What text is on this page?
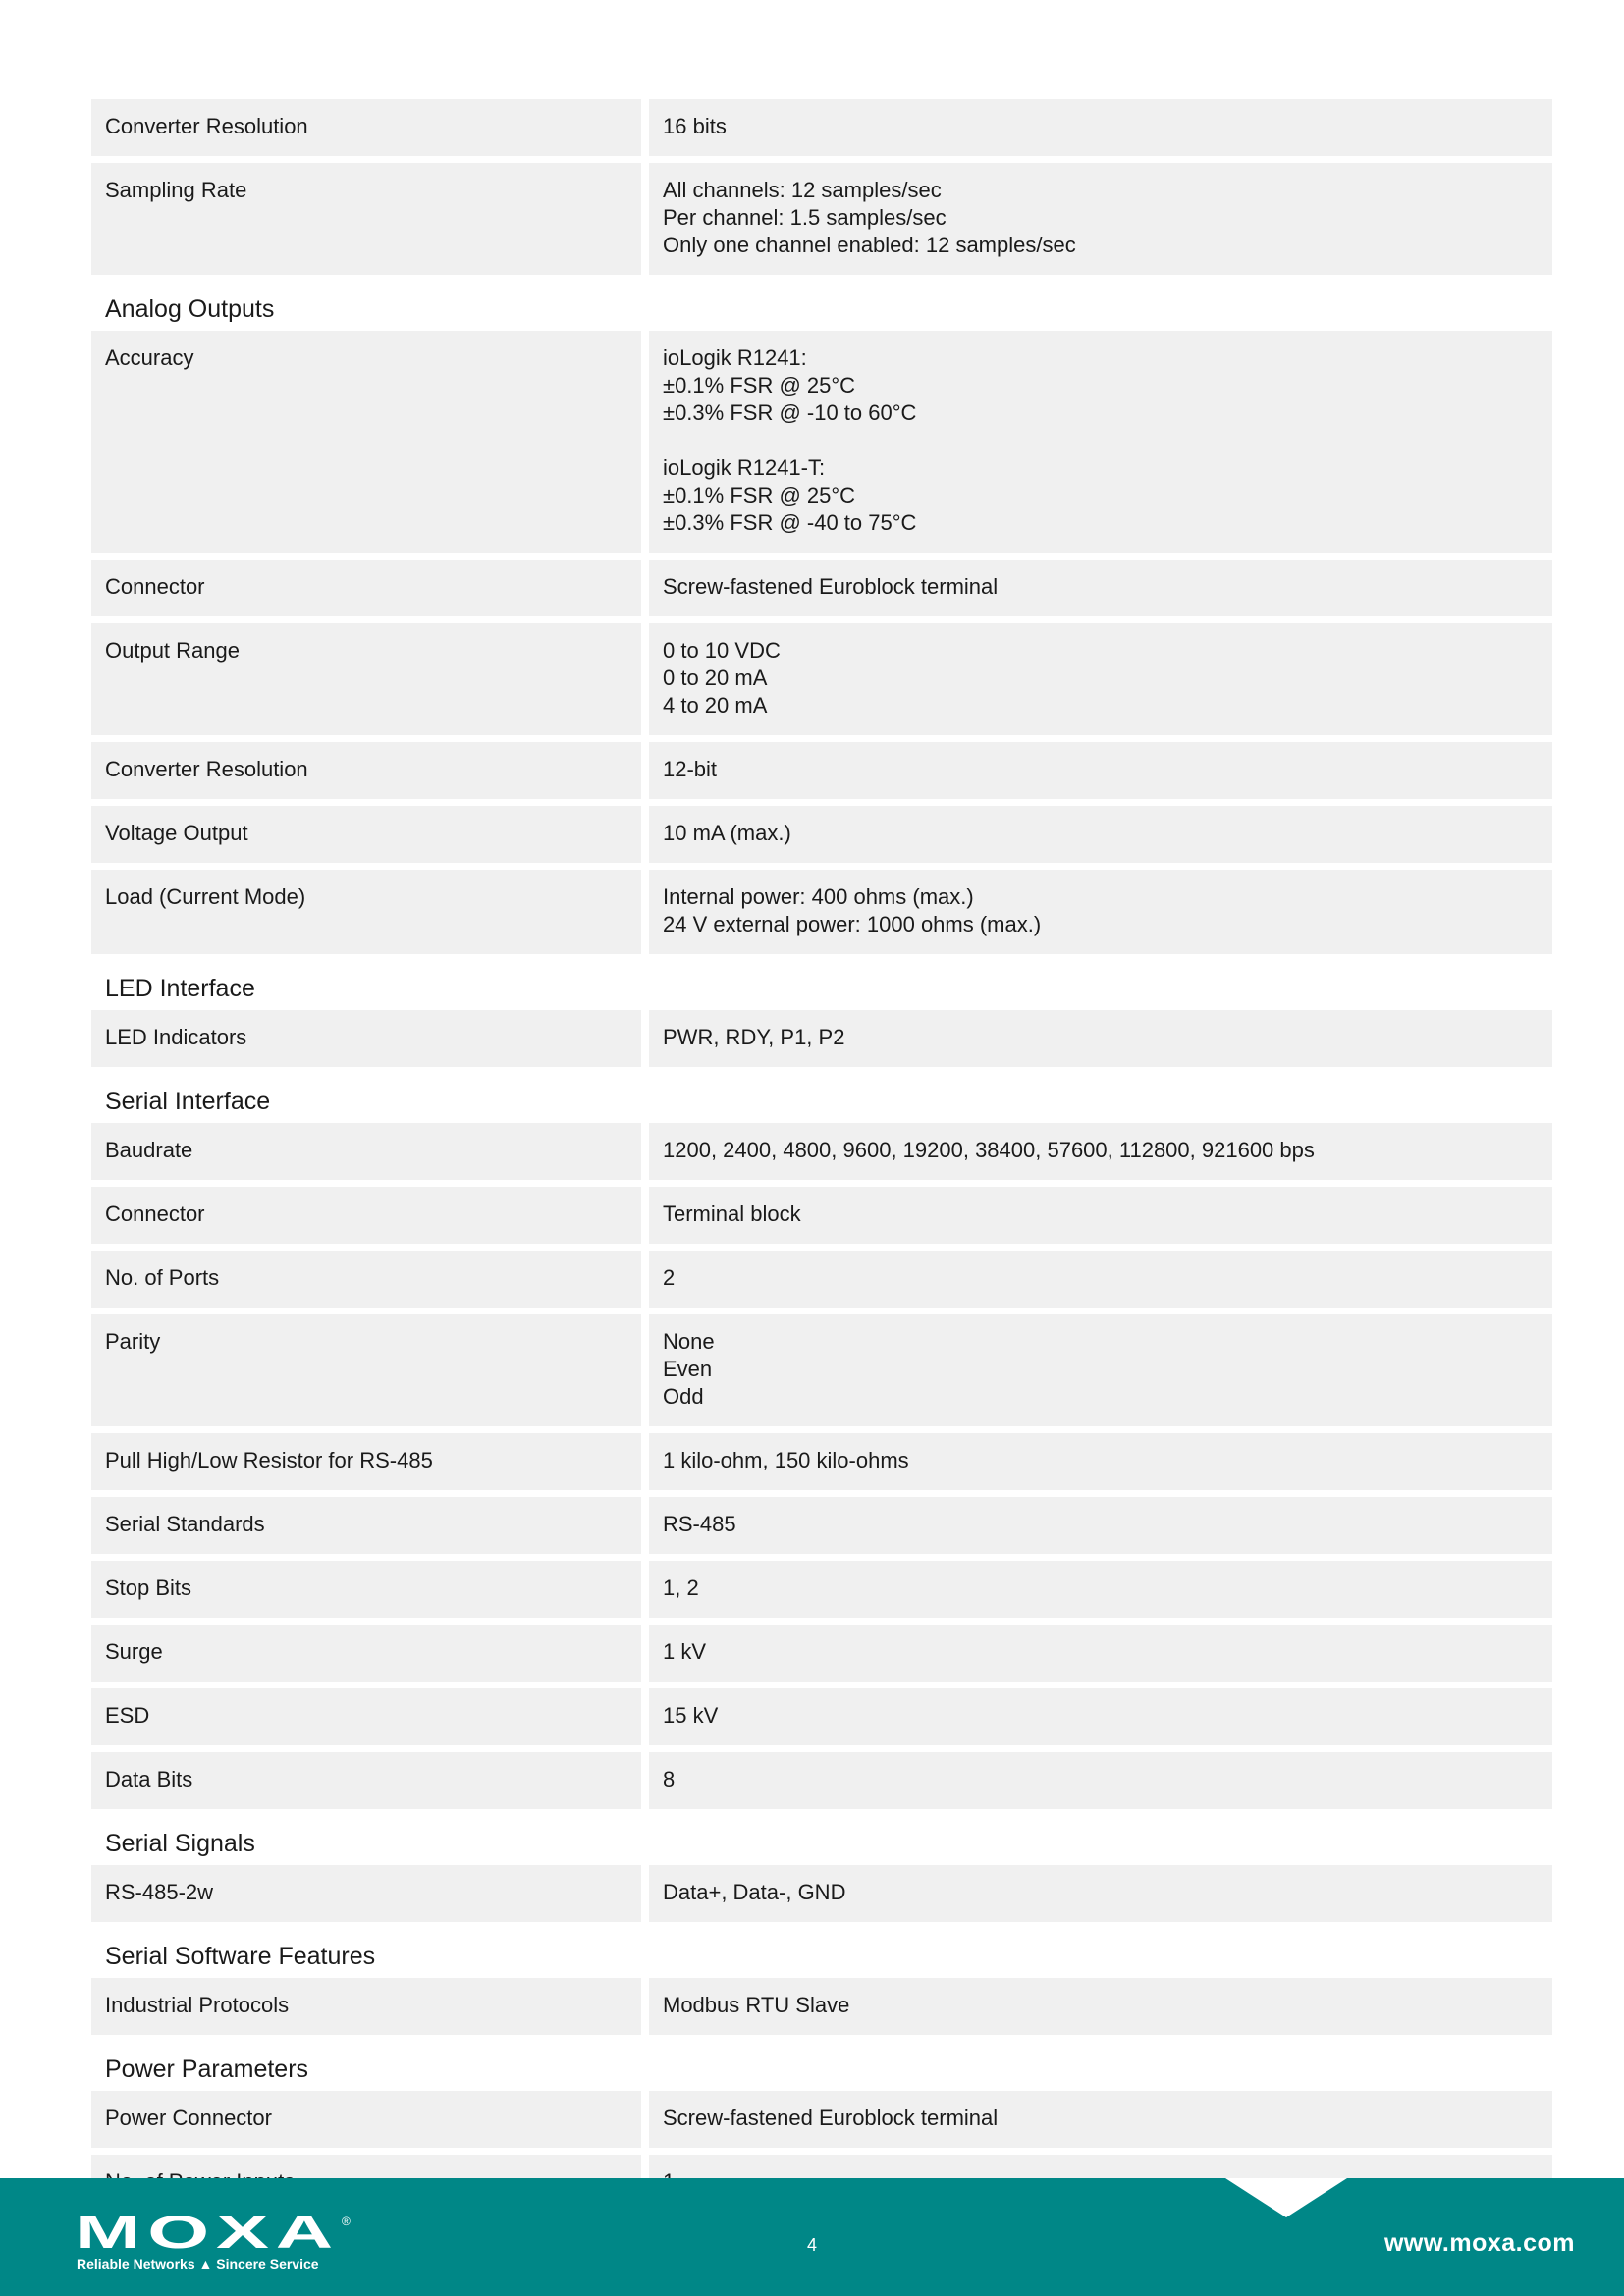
Converter Resolution	16 bits
Sampling Rate	All channels: 12 samples/sec
Per channel: 1.5 samples/sec
Only one channel enabled: 12 samples/sec
Analog Outputs
Accuracy	ioLogik R1241:
±0.1% FSR @ 25°C
±0.3% FSR @ -10 to 60°C

ioLogik R1241-T:
±0.1% FSR @ 25°C
±0.3% FSR @ -40 to 75°C
Connector	Screw-fastened Euroblock terminal
Output Range	0 to 10 VDC
0 to 20 mA
4 to 20 mA
Converter Resolution	12-bit
Voltage Output	10 mA (max.)
Load (Current Mode)	Internal power: 400 ohms (max.)
24 V external power: 1000 ohms (max.)
LED Interface
LED Indicators	PWR, RDY, P1, P2
Serial Interface
Baudrate	1200, 2400, 4800, 9600, 19200, 38400, 57600, 112800, 921600 bps
Connector	Terminal block
No. of Ports	2
Parity	None
Even
Odd
Pull High/Low Resistor for RS-485	1 kilo-ohm, 150 kilo-ohms
Serial Standards	RS-485
Stop Bits	1, 2
Surge	1 kV
ESD	15 kV
Data Bits	8
Serial Signals
RS-485-2w	Data+, Data-, GND
Serial Software Features
Industrial Protocols	Modbus RTU Slave
Power Parameters
Power Connector	Screw-fastened Euroblock terminal
MOXA ®
Reliable Networks ▲ Sincere Service
4	www.moxa.com
